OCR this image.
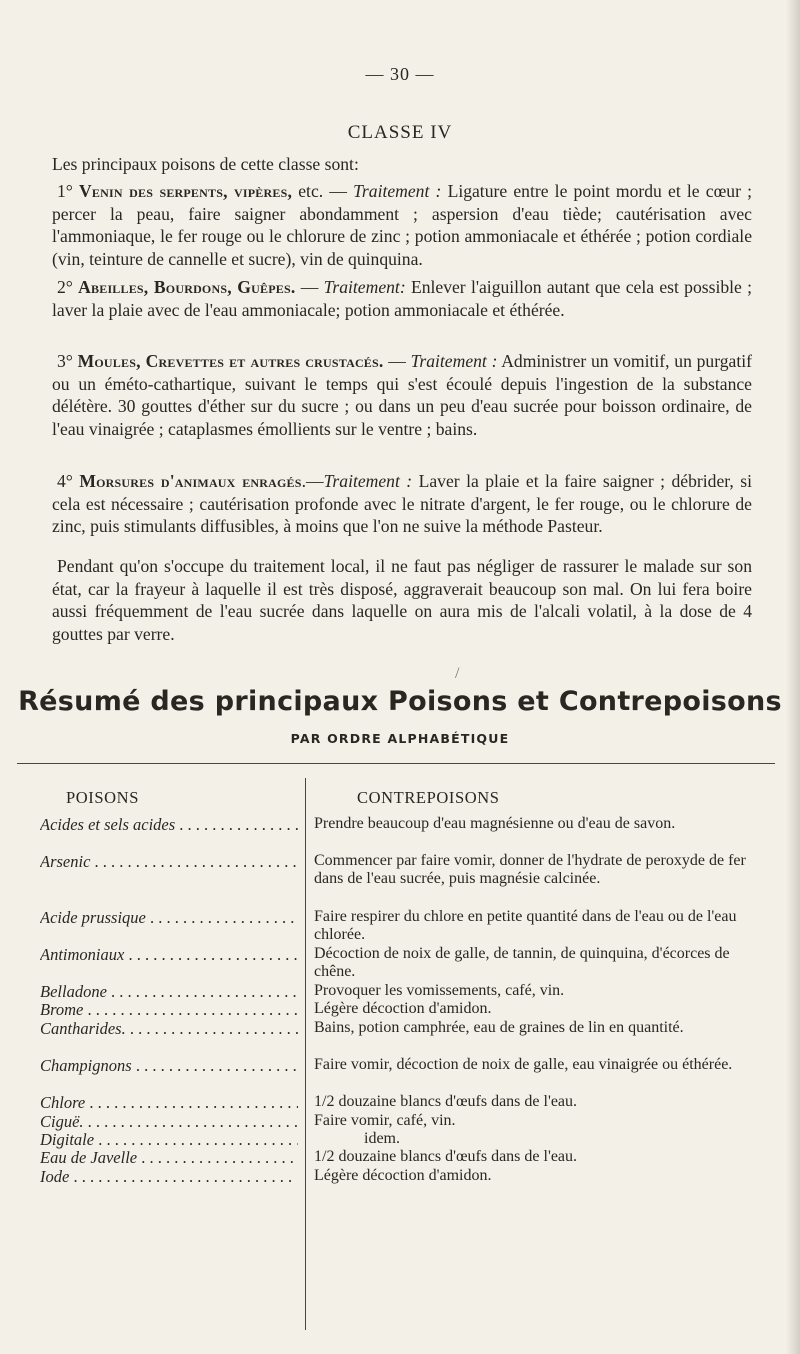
— 30 —
CLASSE IV
Les principaux poisons de cette classe sont:
1° Venin des serpents, vipères, etc. — Traitement : Ligature entre le point mordu et le cœur ; percer la peau, faire saigner abondamment ; aspersion d'eau tiède; cautérisation avec l'ammoniaque, le fer rouge ou le chlorure de zinc ; potion ammoniacale et éthérée ; potion cordiale (vin, teinture de cannelle et sucre), vin de quinquina.
2° Abeilles, Bourdons, Guêpes. — Traitement: Enlever l'aiguillon autant que cela est possible ; laver la plaie avec de l'eau ammoniacale; potion ammoniacale et éthérée.
3° Moules, Crevettes et autres crustacés. — Traitement : Administrer un vomitif, un purgatif ou un éméto-cathartique, suivant le temps qui s'est écoulé depuis l'ingestion de la substance délétère. 30 gouttes d'éther sur du sucre ; ou dans un peu d'eau sucrée pour boisson ordinaire, de l'eau vinaigrée ; cataplasmes émollients sur le ventre ; bains.
4° Morsures d'animaux enragés.—Traitement : Laver la plaie et la faire saigner ; débrider, si cela est nécessaire ; cautérisation profonde avec le nitrate d'argent, le fer rouge, ou le chlorure de zinc, puis stimulants diffusibles, à moins que l'on ne suive la méthode Pasteur.
Pendant qu'on s'occupe du traitement local, il ne faut pas négliger de rassurer le malade sur son état, car la frayeur à laquelle il est très disposé, aggraverait beaucoup son mal. On lui fera boire aussi fréquemment de l'eau sucrée dans laquelle on aura mis de l'alcali volatil, à la dose de 4 gouttes par verre.
/
Résumé des principaux Poisons et Contrepoisons
PAR ORDRE ALPHABÉTIQUE
POISONS	CONTREPOISONS
Acides et sels acides . . .
Arsenic . . .
Acide prussique . . .
Antimoniaux . . .
Belladone . . .
Brome . . .
Cantharides. . . .
Champignons . . .
Chlore . . .
Ciguë. . . .
Digitale . . .
Eau de Javelle . . .
Iode . . .
Prendre beaucoup d'eau magnésienne ou d'eau de savon.
Commencer par faire vomir, donner de l'hydrate de peroxyde de fer dans de l'eau sucrée, puis magnésie calcinée.
Faire respirer du chlore en petite quantité dans de l'eau ou de l'eau chlorée.
Décoction de noix de galle, de tannin, de quinquina, d'écorces de chêne.
Provoquer les vomissements, café, vin.
Légère décoction d'amidon.
Bains, potion camphrée, eau de graines de lin en quantité.
Faire vomir, décoction de noix de galle, eau vinaigrée ou éthérée.
1/2 douzaine blancs d'œufs dans de l'eau.
Faire vomir, café, vin.
idem.
1/2 douzaine blancs d'œufs dans de l'eau.
Légère décoction d'amidon.
